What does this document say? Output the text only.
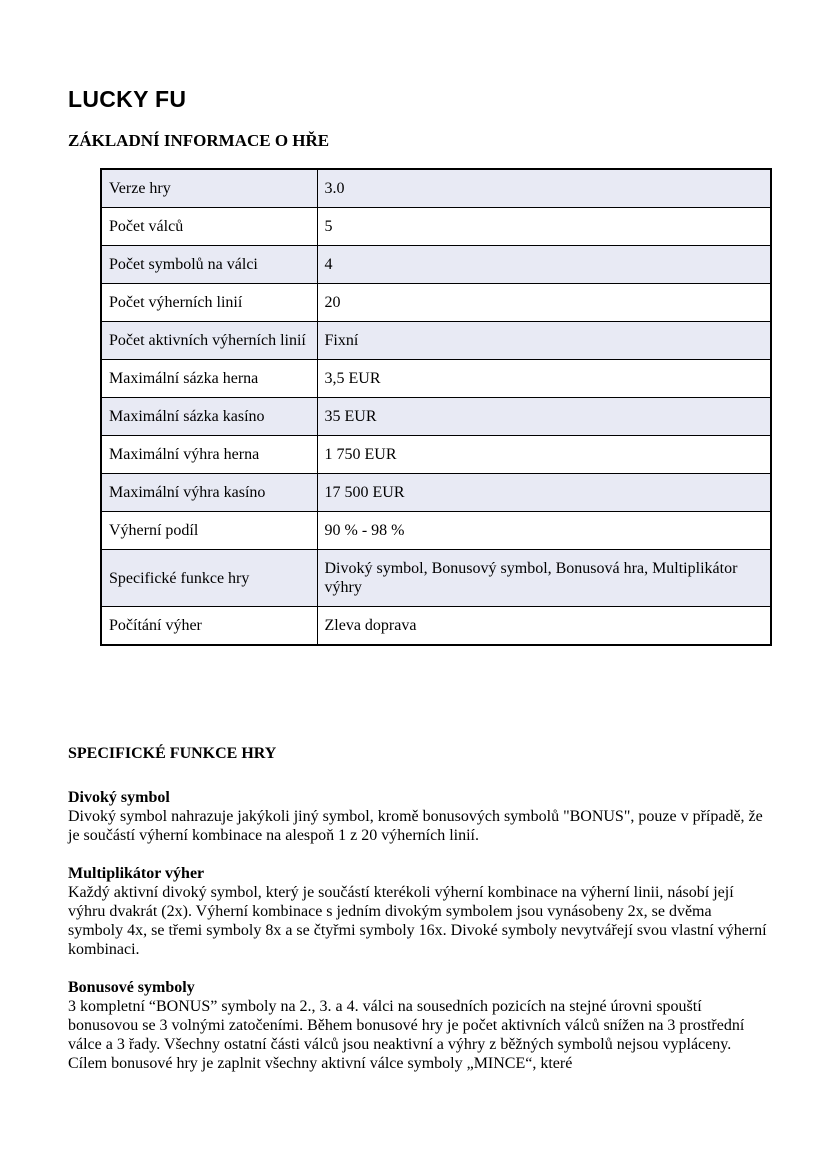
LUCKY FU
ZÁKLADNÍ INFORMACE O HŘE
Verze hry	3.0
Počet válců	5
Počet symbolů na válci	4
Počet výherních linií	20
Počet aktivních výherních linií	Fixní
Maximální sázka herna	3,5 EUR
Maximální sázka kasíno	35 EUR
Maximální výhra herna	1 750 EUR
Maximální výhra kasíno	17 500 EUR
Výherní podíl	90 % - 98 %
Specifické funkce hry	Divoký symbol, Bonusový symbol, Bonusová hra, Multiplikátor výhry
Počítání výher	Zleva doprava
SPECIFICKÉ FUNKCE HRY
Divoký symbol

Divoký symbol nahrazuje jakýkoli jiný symbol, kromě bonusových symbolů "BONUS", pouze v případě, že je součástí výherní kombinace na alespoň 1 z 20 výherních linií.

Multiplikátor výher

Každý aktivní divoký symbol, který je součástí kterékoli výherní kombinace na výherní linii, násobí její výhru dvakrát (2x). Výherní kombinace s jedním divokým symbolem jsou vynásobeny 2x, se dvěma symboly 4x, se třemi symboly 8x a se čtyřmi symboly 16x. Divoké symboly nevytvářejí svou vlastní výherní kombinaci.

Bonusové symboly

3 kompletní “BONUS” symboly na 2., 3. a 4. válci na sousedních pozicích na stejné úrovni spouští bonusovou se 3 volnými zatočeními. Během bonusové hry je počet aktivních válců snížen na 3 prostřední válce a 3 řady. Všechny ostatní části válců jsou neaktivní a výhry z běžných symbolů nejsou vypláceny. Cílem bonusové hry je zaplnit všechny aktivní válce symboly „MINCE“, které
